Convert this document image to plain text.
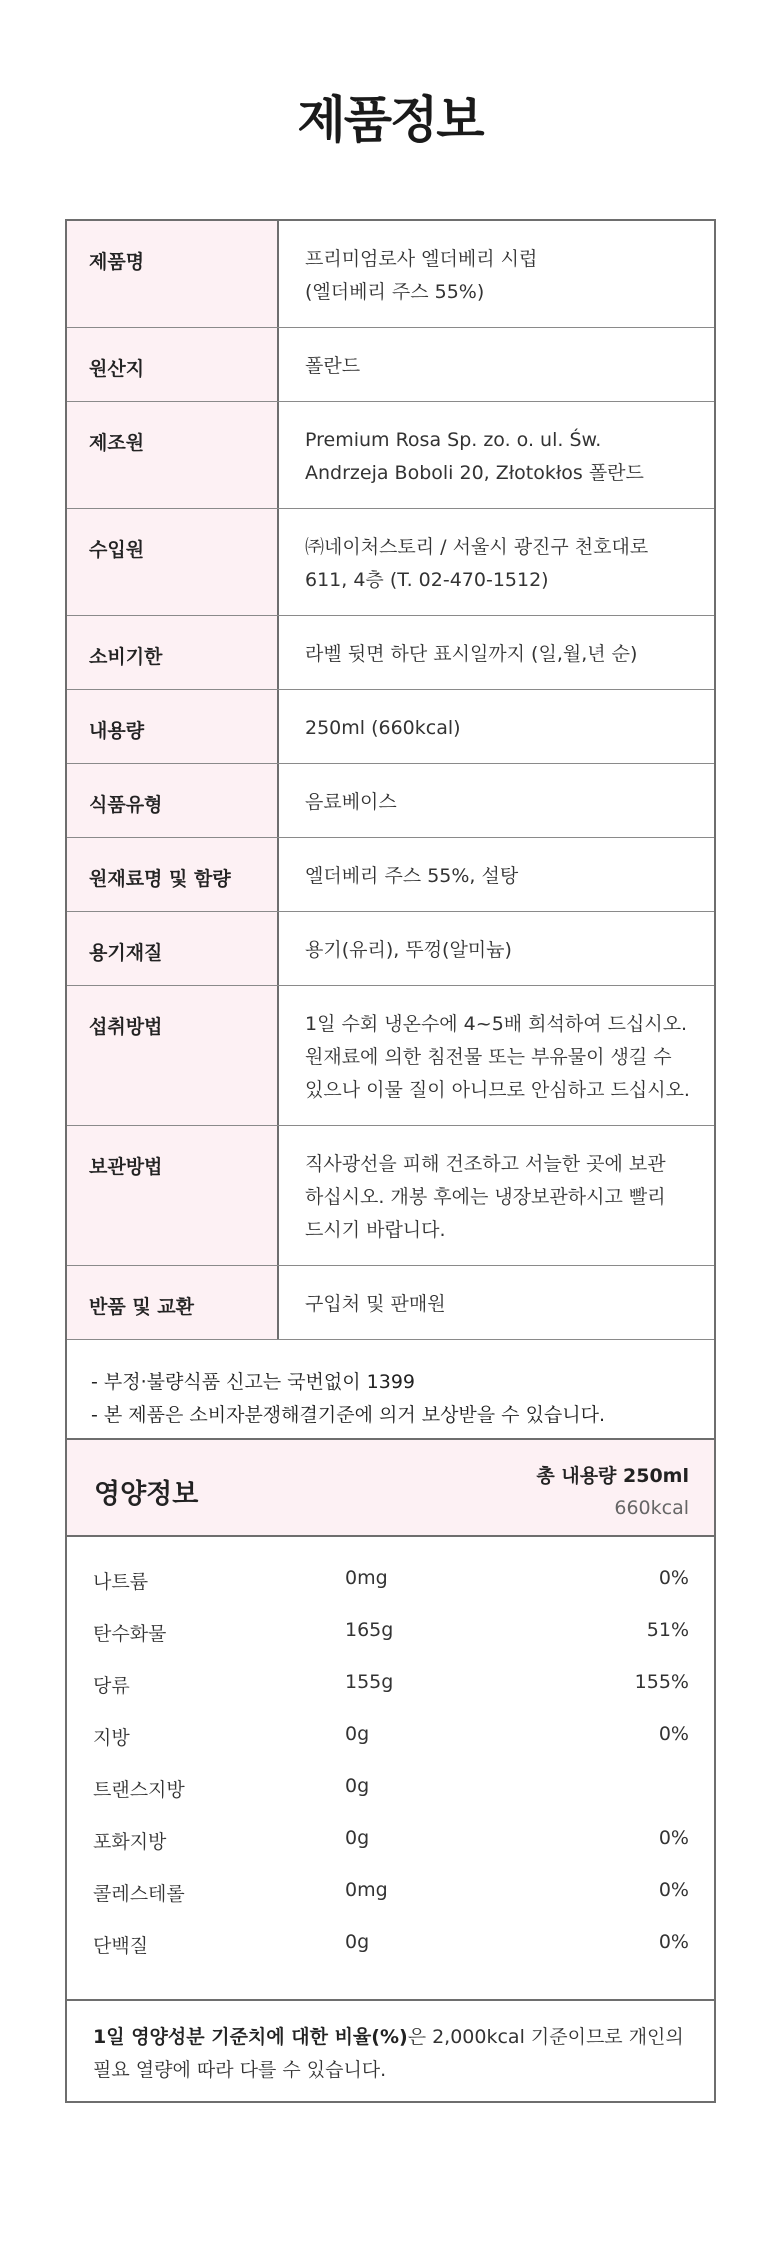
제품정보
제품명	프리미엄로사 엘더베리 시럽
(엘더베리 주스 55%)
원산지	폴란드
제조원	Premium Rosa Sp. zo. o. ul. Św.
Andrzeja Boboli 20, Złotokłos 폴란드
수입원	㈜네이처스토리 / 서울시 광진구 천호대로
611, 4층 (T. 02-470-1512)
소비기한	라벨 뒷면 하단 표시일까지 (일,월,년 순)
내용량	250ml (660kcal)
식품유형	음료베이스
원재료명 및 함량	엘더베리 주스 55%, 설탕
용기재질	용기(유리), 뚜껑(알미늄)
섭취방법	1일 수회 냉온수에 4~5배 희석하여 드십시오.
원재료에 의한 침전물 또는 부유물이 생길 수
있으나 이물 질이 아니므로 안심하고 드십시오.
보관방법	직사광선을 피해 건조하고 서늘한 곳에 보관
하십시오. 개봉 후에는 냉장보관하시고 빨리
드시기 바랍니다.
반품 및 교환	구입처 및 판매원

- 부정·불량식품 신고는 국번없이 1399

- 본 제품은 소비자분쟁해결기준에 의거 보상받을 수 있습니다.

영양정보
총 내용량 250ml
660kcal
나트륨	0mg	0%
탄수화물	165g	51%
당류	155g	155%
지방	0g	0%
트랜스지방	0g
포화지방	0g	0%
콜레스테롤	0mg	0%
단백질	0g	0%
1일 영양성분 기준치에 대한 비율(%)은 2,000kcal 기준이므로 개인의
필요 열량에 따라 다를 수 있습니다.
